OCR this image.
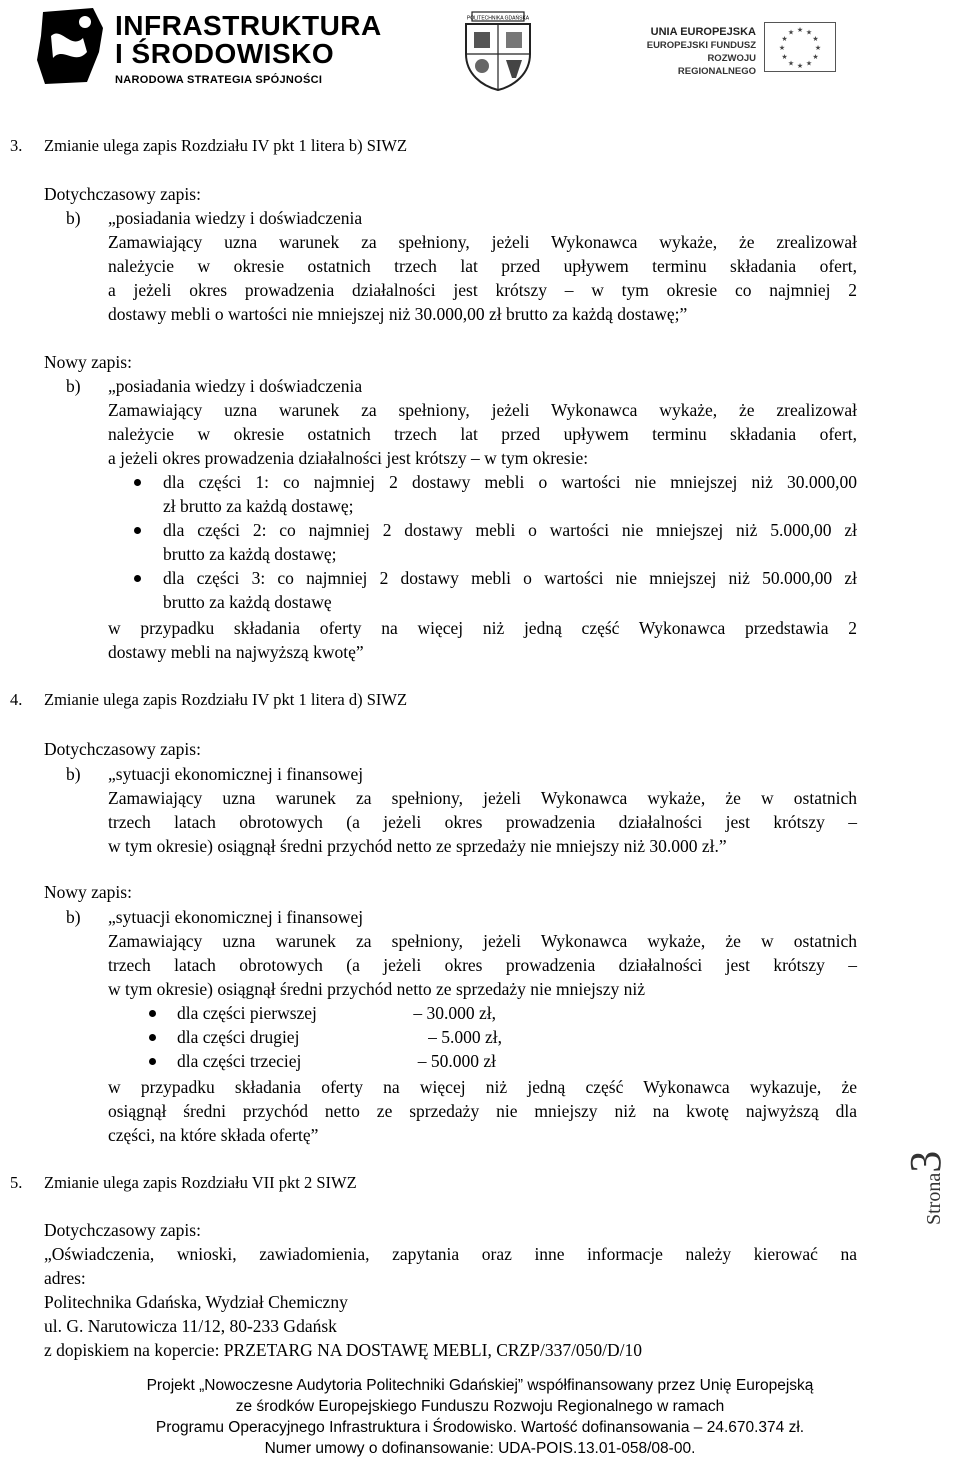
INFRASTRUKTURA
I ŚRODOWISKO
NARODOWA STRATEGIA SPÓJNOŚCI
POLITECHNIKA GDAŃSKA
UNIA EUROPEJSKA
EUROPEJSKI FUNDUSZ
ROZWOJU REGIONALNEGO
★ ★
★
★
★
★
★
★
★
★
★
★
3. Zmianie ulega zapis Rozdziału IV pkt 1 litera b) SIWZ
Dotychczasowy zapis:
b) „posiadania wiedzy i doświadczenia
Zamawiający uzna warunek za spełniony, jeżeli Wykonawca wykaże, że zrealizował
należycie w okresie ostatnich trzech lat przed upływem terminu składania ofert,
a jeżeli okres prowadzenia działalności jest krótszy – w tym okresie co najmniej 2
dostawy mebli o wartości nie mniejszej niż 30.000,00 zł brutto za każdą dostawę;”
Nowy zapis:
b) „posiadania wiedzy i doświadczenia
Zamawiający uzna warunek za spełniony, jeżeli Wykonawca wykaże, że zrealizował
należycie w okresie ostatnich trzech lat przed upływem terminu składania ofert,
a jeżeli okres prowadzenia działalności jest krótszy – w tym okresie:
dla części 1: co najmniej 2 dostawy mebli o wartości nie mniejszej niż 30.000,00
zł brutto za każdą dostawę;
dla części 2: co najmniej 2 dostawy mebli o wartości nie mniejszej niż 5.000,00 zł
brutto za każdą dostawę;
dla części 3: co najmniej 2 dostawy mebli o wartości nie mniejszej niż 50.000,00 zł
brutto za każdą dostawę
w przypadku składania oferty na więcej niż jedną część Wykonawca przedstawia 2
dostawy mebli na najwyższą kwotę”
4. Zmianie ulega zapis Rozdziału IV pkt 1 litera d) SIWZ
Dotychczasowy zapis:
b) „sytuacji ekonomicznej i finansowej
Zamawiający uzna warunek za spełniony, jeżeli Wykonawca wykaże, że w ostatnich
trzech latach obrotowych (a jeżeli okres prowadzenia działalności jest krótszy –
w tym okresie) osiągnął średni przychód netto ze sprzedaży nie mniejszy niż 30.000 zł.”
Nowy zapis:
b) „sytuacji ekonomicznej i finansowej
Zamawiający uzna warunek za spełniony, jeżeli Wykonawca wykaże, że w ostatnich
trzech latach obrotowych (a jeżeli okres prowadzenia działalności jest krótszy –
w tym okresie) osiągnął średni przychód netto ze sprzedaży nie mniejszy niż
dla części pierwszej	– 30.000 zł,
dla części drugiej	– 5.000 zł,
dla części trzeciej	– 50.000 zł
w przypadku składania oferty na więcej niż jedną część Wykonawca wykazuje, że
osiągnął średni przychód netto ze sprzedaży nie mniejszy niż na kwotę najwyższą dla
części, na które składa ofertę”
5. Zmianie ulega zapis Rozdziału VII pkt 2 SIWZ
Dotychczasowy zapis:
„Oświadczenia, wnioski, zawiadomienia, zapytania oraz inne informacje należy kierować na
adres:
Politechnika Gdańska, Wydział Chemiczny
ul. G. Narutowicza 11/12, 80-233 Gdańsk
z dopiskiem na kopercie: PRZETARG NA DOSTAWĘ MEBLI, CRZP/337/050/D/10
Strona3
Projekt „Nowoczesne Audytoria Politechniki Gdańskiej” współfinansowany przez Unię Europejską
ze środków Europejskiego Funduszu Rozwoju Regionalnego w ramach
Programu Operacyjnego Infrastruktura i Środowisko. Wartość dofinansowania – 24.670.374 zł.
Numer umowy o dofinansowanie: UDA-POIS.13.01-058/08-00.
